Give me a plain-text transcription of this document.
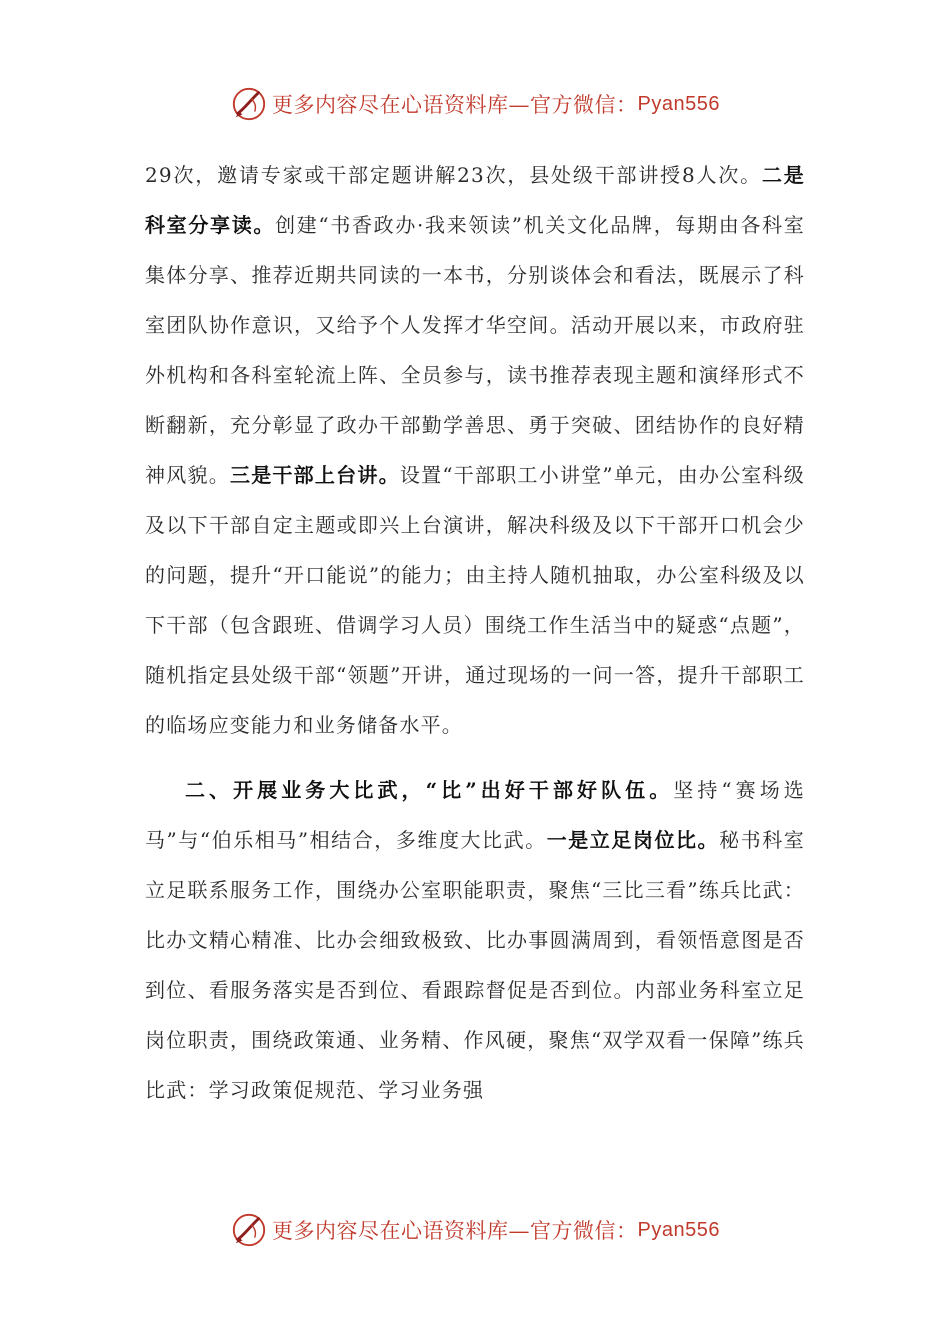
更多内容尽在心语资料库—官方微信： Pyan556

29次，邀请专家或干部定题讲解23次，县处级干部讲授8人次。二是科室分享读。创建“书香政办·我来领读”机关文化品牌，每期由各科室集体分享、推荐近期共同读的一本书，分别谈体会和看法，既展示了科室团队协作意识，又给予个人发挥才华空间。活动开展以来，市政府驻外机构和各科室轮流上阵、全员参与，读书推荐表现主题和演绎形式不断翻新，充分彰显了政办干部勤学善思、勇于突破、团结协作的良好精神风貌。三是干部上台讲。设置“干部职工小讲堂”单元，由办公室科级及以下干部自定主题或即兴上台演讲，解决科级及以下干部开口机会少的问题，提升“开口能说”的能力；由主持人随机抽取，办公室科级及以下干部（包含跟班、借调学习人员）围绕工作生活当中的疑惑“点题”，随机指定县处级干部“领题”开讲，通过现场的一问一答，提升干部职工的临场应变能力和业务储备水平。

二、开展业务大比武，“比”出好干部好队伍。坚持“赛场选马”与“伯乐相马”相结合，多维度大比武。一是立足岗位比。秘书科室立足联系服务工作，围绕办公室职能职责，聚焦“三比三看”练兵比武：比办文精心精准、比办会细致极致、比办事圆满周到，看领悟意图是否到位、看服务落实是否到位、看跟踪督促是否到位。内部业务科室立足岗位职责，围绕政策通、业务精、作风硬，聚焦“双学双看一保障”练兵比武：学习政策促规范、学习业务强

更多内容尽在心语资料库—官方微信： Pyan556
